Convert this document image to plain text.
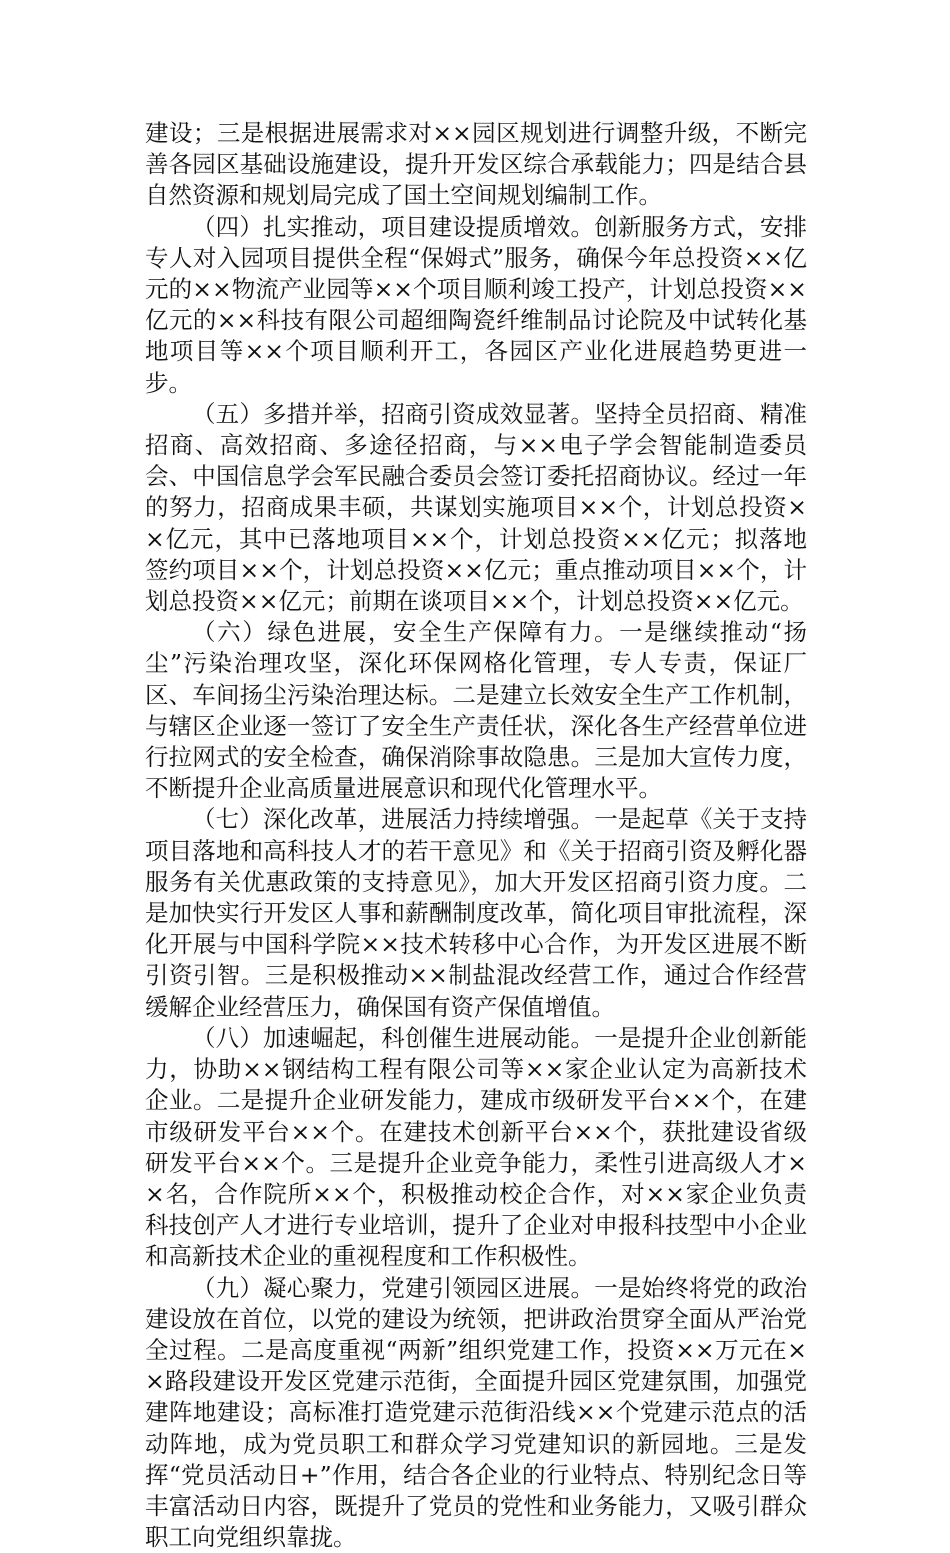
建设；三是根据进展需求对××园区规划进行调整升级，不断完善各园区基础设施建设，提升开发区综合承载能力；四是结合县自然资源和规划局完成了国土空间规划编制工作。

（四）扎实推动，项目建设提质增效。创新服务方式，安排专人对入园项目提供全程“保姆式”服务，确保今年总投资××亿元的××物流产业园等××个项目顺利竣工投产，计划总投资××亿元的××科技有限公司超细陶瓷纤维制品讨论院及中试转化基地项目等××个项目顺利开工，各园区产业化进展趋势更进一步。

（五）多措并举，招商引资成效显著。坚持全员招商、精准招商、高效招商、多途径招商，与××电子学会智能制造委员会、中国信息学会军民融合委员会签订委托招商协议。经过一年的努力，招商成果丰硕，共谋划实施项目××个，计划总投资××亿元，其中已落地项目××个，计划总投资××亿元；拟落地签约项目××个，计划总投资××亿元；重点推动项目××个，计划总投资××亿元；前期在谈项目××个，计划总投资××亿元。

（六）绿色进展，安全生产保障有力。一是继续推动“扬尘”污染治理攻坚，深化环保网格化管理，专人专责，保证厂区、车间扬尘污染治理达标。二是建立长效安全生产工作机制，与辖区企业逐一签订了安全生产责任状，深化各生产经营单位进行拉网式的安全检查，确保消除事故隐患。三是加大宣传力度，不断提升企业高质量进展意识和现代化管理水平。

（七）深化改革，进展活力持续增强。一是起草《关于支持项目落地和高科技人才的若干意见》和《关于招商引资及孵化器服务有关优惠政策的支持意见》，加大开发区招商引资力度。二是加快实行开发区人事和薪酬制度改革，简化项目审批流程，深化开展与中国科学院××技术转移中心合作，为开发区进展不断引资引智。三是积极推动××制盐混改经营工作，通过合作经营缓解企业经营压力，确保国有资产保值增值。

（八）加速崛起，科创催生进展动能。一是提升企业创新能力，协助××钢结构工程有限公司等××家企业认定为高新技术企业。二是提升企业研发能力，建成市级研发平台××个，在建市级研发平台××个。在建技术创新平台××个，获批建设省级研发平台××个。三是提升企业竞争能力，柔性引进高级人才××名，合作院所××个，积极推动校企合作，对××家企业负责科技创产人才进行专业培训，提升了企业对申报科技型中小企业和高新技术企业的重视程度和工作积极性。

（九）凝心聚力，党建引领园区进展。一是始终将党的政治建设放在首位，以党的建设为统领，把讲政治贯穿全面从严治党全过程。二是高度重视“两新”组织党建工作，投资××万元在××路段建设开发区党建示范街，全面提升园区党建氛围，加强党建阵地建设；高标准打造党建示范街沿线××个党建示范点的活动阵地，成为党员职工和群众学习党建知识的新园地。三是发挥“党员活动日+”作用，结合各企业的行业特点、特别纪念日等丰富活动日内容，既提升了党员的党性和业务能力，又吸引群众职工向党组织靠拢。
